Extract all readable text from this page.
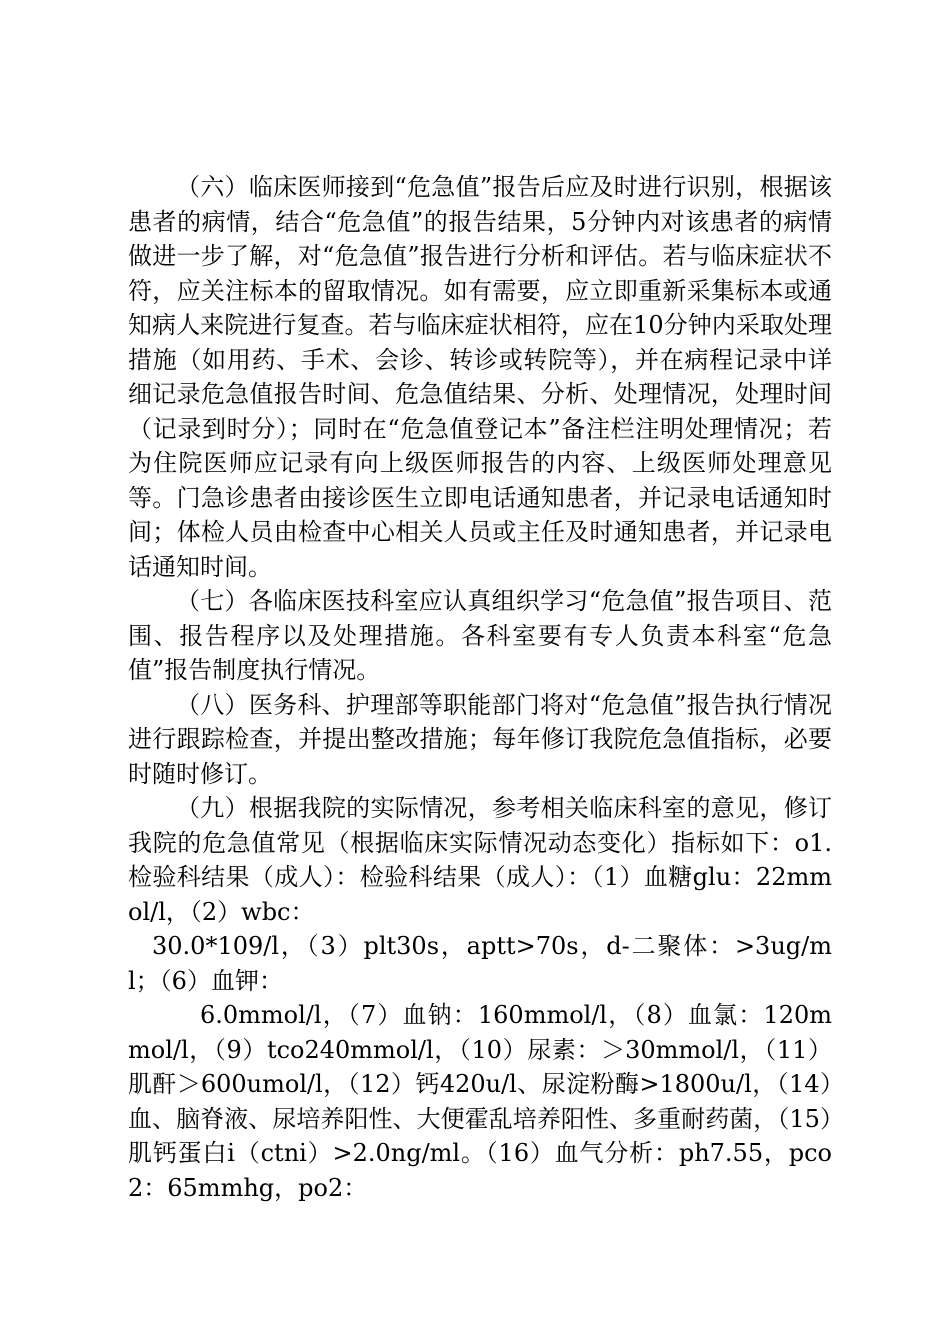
（六）临床医师接到“危急值”报告后应及时进行识别，根据该患者的病情，结合“危急值”的报告结果，5分钟内对该患者的病情做进一步了解，对“危急值”报告进行分析和评估。若与临床症状不符，应关注标本的留取情况。如有需要，应立即重新采集标本或通知病人来院进行复查。若与临床症状相符，应在10分钟内采取处理措施（如用药、手术、会诊、转诊或转院等），并在病程记录中详细记录危急值报告时间、危急值结果、分析、处理情况，处理时间（记录到时分）；同时在“危急值登记本”备注栏注明处理情况；若为住院医师应记录有向上级医师报告的内容、上级医师处理意见等。门急诊患者由接诊医生立即电话通知患者，并记录电话通知时间；体检人员由检查中心相关人员或主任及时通知患者，并记录电话通知时间。

（七）各临床医技科室应认真组织学习“危急值”报告项目、范围、报告程序以及处理措施。各科室要有专人负责本科室“危急值”报告制度执行情况。

（八）医务科、护理部等职能部门将对“危急值”报告执行情况进行跟踪检查，并提出整改措施；每年修订我院危急值指标，必要时随时修订。

（九）根据我院的实际情况，参考相关临床科室的意见，修订我院的危急值常见（根据临床实际情况动态变化）指标如下：o1.检验科结果（成人）：检验科结果（成人）：（1）血糖glu：22mmol/l，（2）wbc：

30.0*109/l，（3）plt30s，aptt>70s，d-二聚体：>3ug/ml；（6）血钾：

6.0mmol/l，（7）血钠：160mmol/l，（8）血氯：120mmol/l，（9）tco240mmol/l，（10）尿素：＞30mmol/l，（11）肌酐＞600umol/l，（12）钙420u/l、尿淀粉酶>1800u/l，（14）血、脑脊液、尿培养阳性、大便霍乱培养阳性、多重耐药菌，（15）肌钙蛋白i（ctni）>2.0ng/ml。（16）血气分析：ph7.55，pco2：65mmhg，po2：
